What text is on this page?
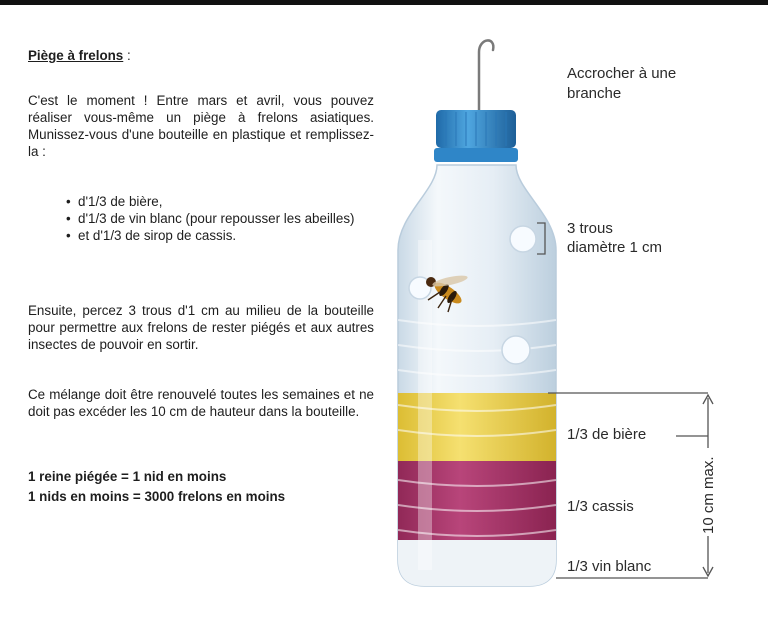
Piège à frelons :

C'est le moment ! Entre mars et avril, vous pouvez réaliser vous-même un piège à frelons asiatiques. Munissez-vous d'une bouteille en plastique et remplissez-la :

• d'1/3 de bière,
• d'1/3 de vin blanc (pour repousser les abeilles)
• et d'1/3 de sirop de cassis.

Ensuite, percez 3 trous d'1 cm au milieu de la bouteille pour permettre aux frelons de rester piégés et aux autres insectes de pouvoir en sortir.

Ce mélange doit être renouvelé toutes les semaines et ne doit pas excéder les 10 cm de hauteur dans la bouteille.

1 reine piégée = 1 nid en moins
1 nids en moins = 3000 frelons en moins	10 cm max.
Accrocher à une
branche
3 trous
diamètre 1 cm
1/3 de bière
1/3 cassis
1/3 vin blanc
